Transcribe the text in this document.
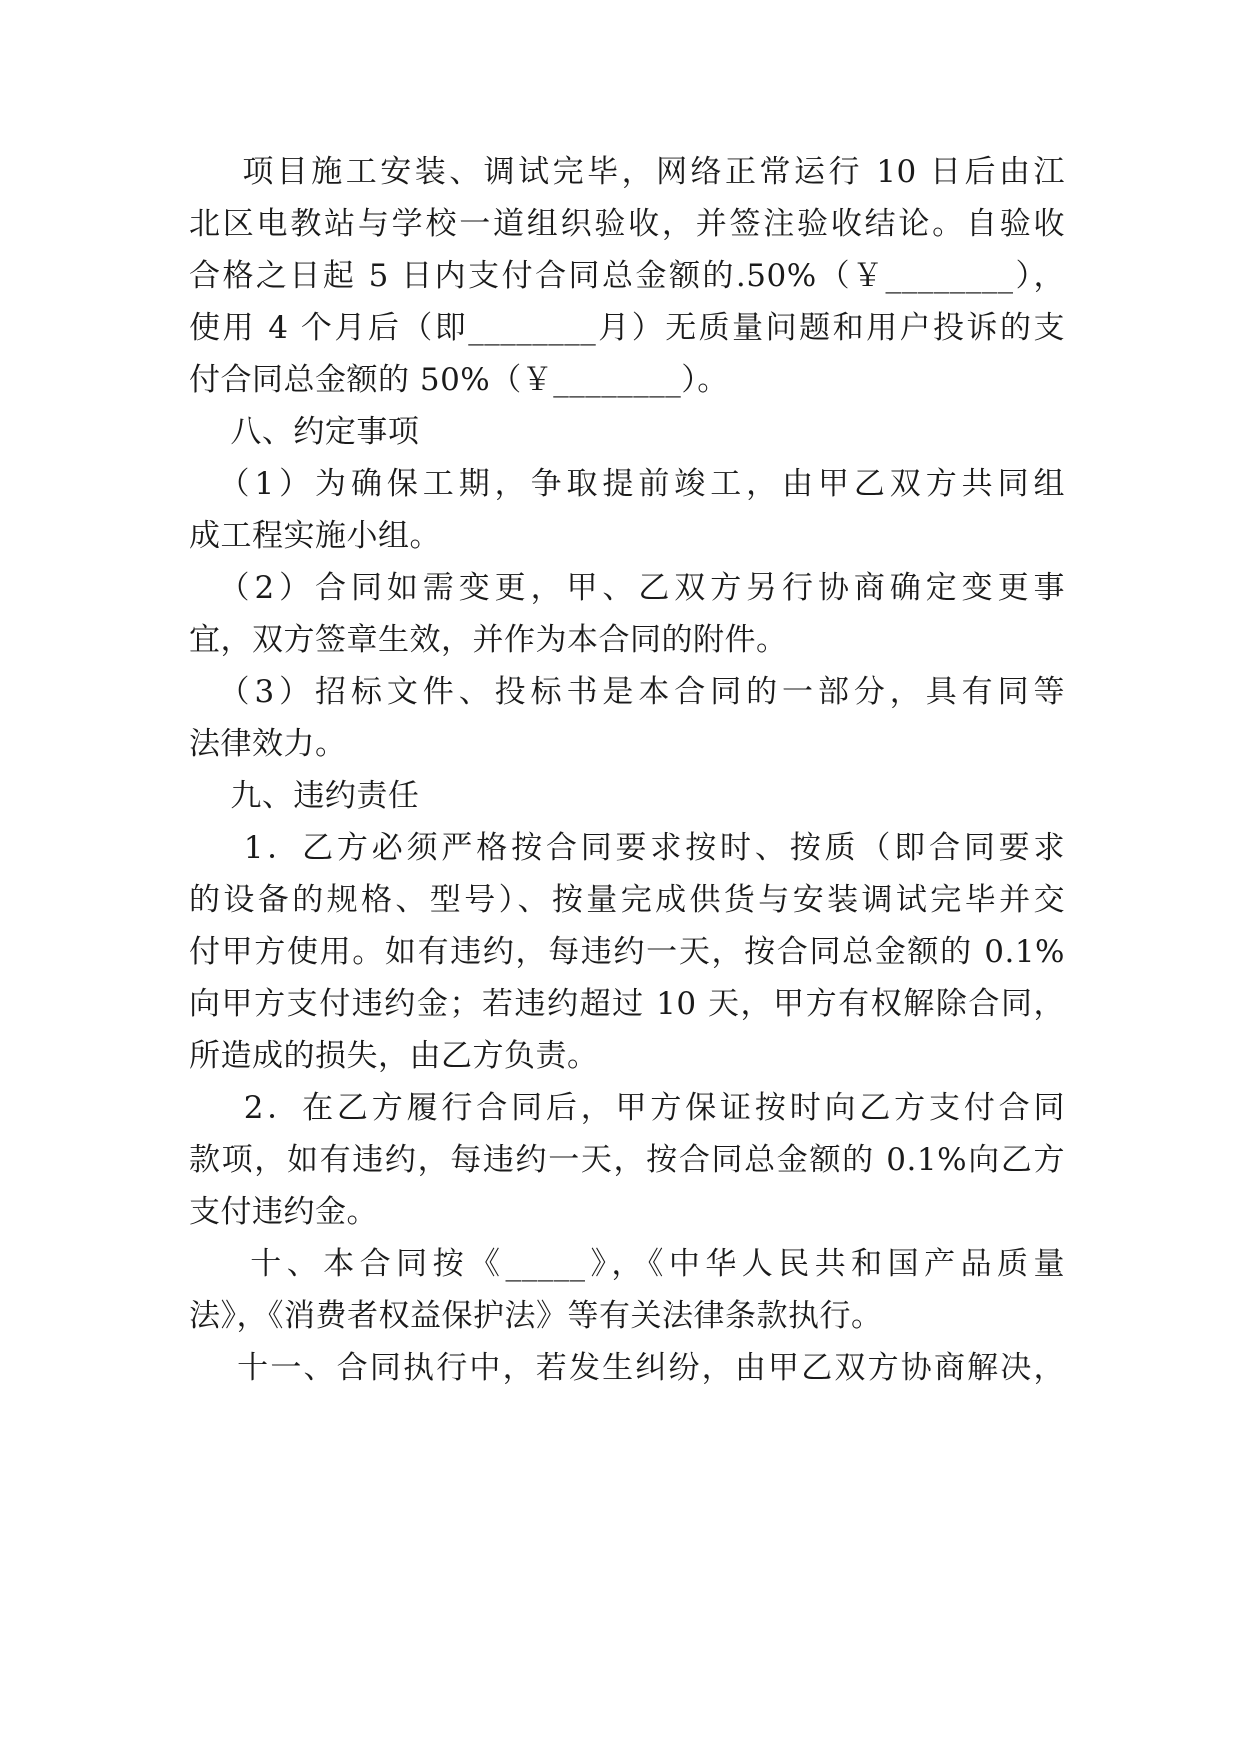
项目施工安装、调试完毕，网络正常运行 10 日后由江
北区电教站与学校一道组织验收，并签注验收结论。自验收
合格之日起 5 日内支付合同总金额的.50%（￥________），
使用 4 个月后（即________月）无质量问题和用户投诉的支
付合同总金额的 50%（￥________）。
八、约定事项
（1）为确保工期，争取提前竣工，由甲乙双方共同组
成工程实施小组。
（2）合同如需变更，甲、乙双方另行协商确定变更事
宜，双方签章生效，并作为本合同的附件。
（3）招标文件、投标书是本合同的一部分，具有同等
法律效力。
九、违约责任
1．乙方必须严格按合同要求按时、按质（即合同要求
的设备的规格、型号）、按量完成供货与安装调试完毕并交
付甲方使用。如有违约，每违约一天，按合同总金额的 0.1%
向甲方支付违约金；若违约超过 10 天，甲方有权解除合同，
所造成的损失，由乙方负责。
2．在乙方履行合同后，甲方保证按时向乙方支付合同
款项，如有违约，每违约一天，按合同总金额的 0.1%向乙方
支付违约金。
十、本合同按《_____》，《中华人民共和国产品质量
法》，《消费者权益保护法》等有关法律条款执行。
十一、合同执行中，若发生纠纷，由甲乙双方协商解决，
